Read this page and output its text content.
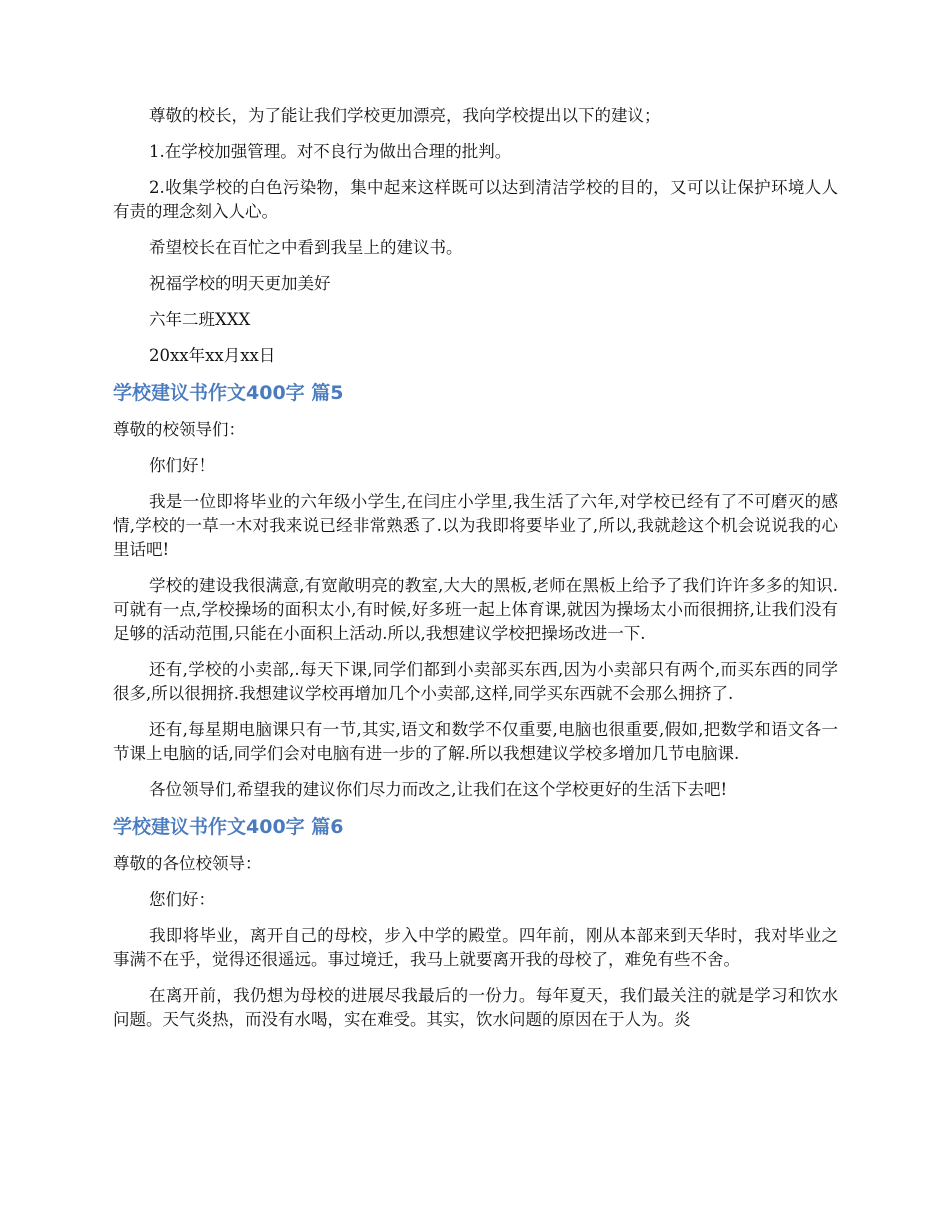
尊敬的校长，为了能让我们学校更加漂亮，我向学校提出以下的建议；

1.在学校加强管理。对不良行为做出合理的批判。

2.收集学校的白色污染物，集中起来这样既可以达到清洁学校的目的，又可以让保护环境人人有责的理念刻入人心。

希望校长在百忙之中看到我呈上的建议书。

祝福学校的明天更加美好

六年二班XXX

20xx年xx月xx日

学校建议书作文400字 篇5

尊敬的校领导们：

你们好！

我是一位即将毕业的六年级小学生,在闫庄小学里,我生活了六年,对学校已经有了不可磨灭的感情,学校的一草一木对我来说已经非常熟悉了.以为我即将要毕业了,所以,我就趁这个机会说说我的心里话吧!

学校的建设我很满意,有宽敞明亮的教室,大大的黑板,老师在黑板上给予了我们许许多多的知识.可就有一点,学校操场的面积太小,有时候,好多班一起上体育课,就因为操场太小而很拥挤,让我们没有足够的活动范围,只能在小面积上活动.所以,我想建议学校把操场改进一下.

还有,学校的小卖部,.每天下课,同学们都到小卖部买东西,因为小卖部只有两个,而买东西的同学很多,所以很拥挤.我想建议学校再增加几个小卖部,这样,同学买东西就不会那么拥挤了.

还有,每星期电脑课只有一节,其实,语文和数学不仅重要,电脑也很重要,假如,把数学和语文各一节课上电脑的话,同学们会对电脑有进一步的了解.所以我想建议学校多增加几节电脑课.

各位领导们,希望我的建议你们尽力而改之,让我们在这个学校更好的生活下去吧!

学校建议书作文400字 篇6

尊敬的各位校领导：

您们好：

我即将毕业，离开自己的母校，步入中学的殿堂。四年前，刚从本部来到天华时，我对毕业之事满不在乎，觉得还很遥远。事过境迁，我马上就要离开我的母校了，难免有些不舍。

在离开前，我仍想为母校的进展尽我最后的一份力。每年夏天，我们最关注的就是学习和饮水问题。天气炎热，而没有水喝，实在难受。其实，饮水问题的原因在于人为。炎
